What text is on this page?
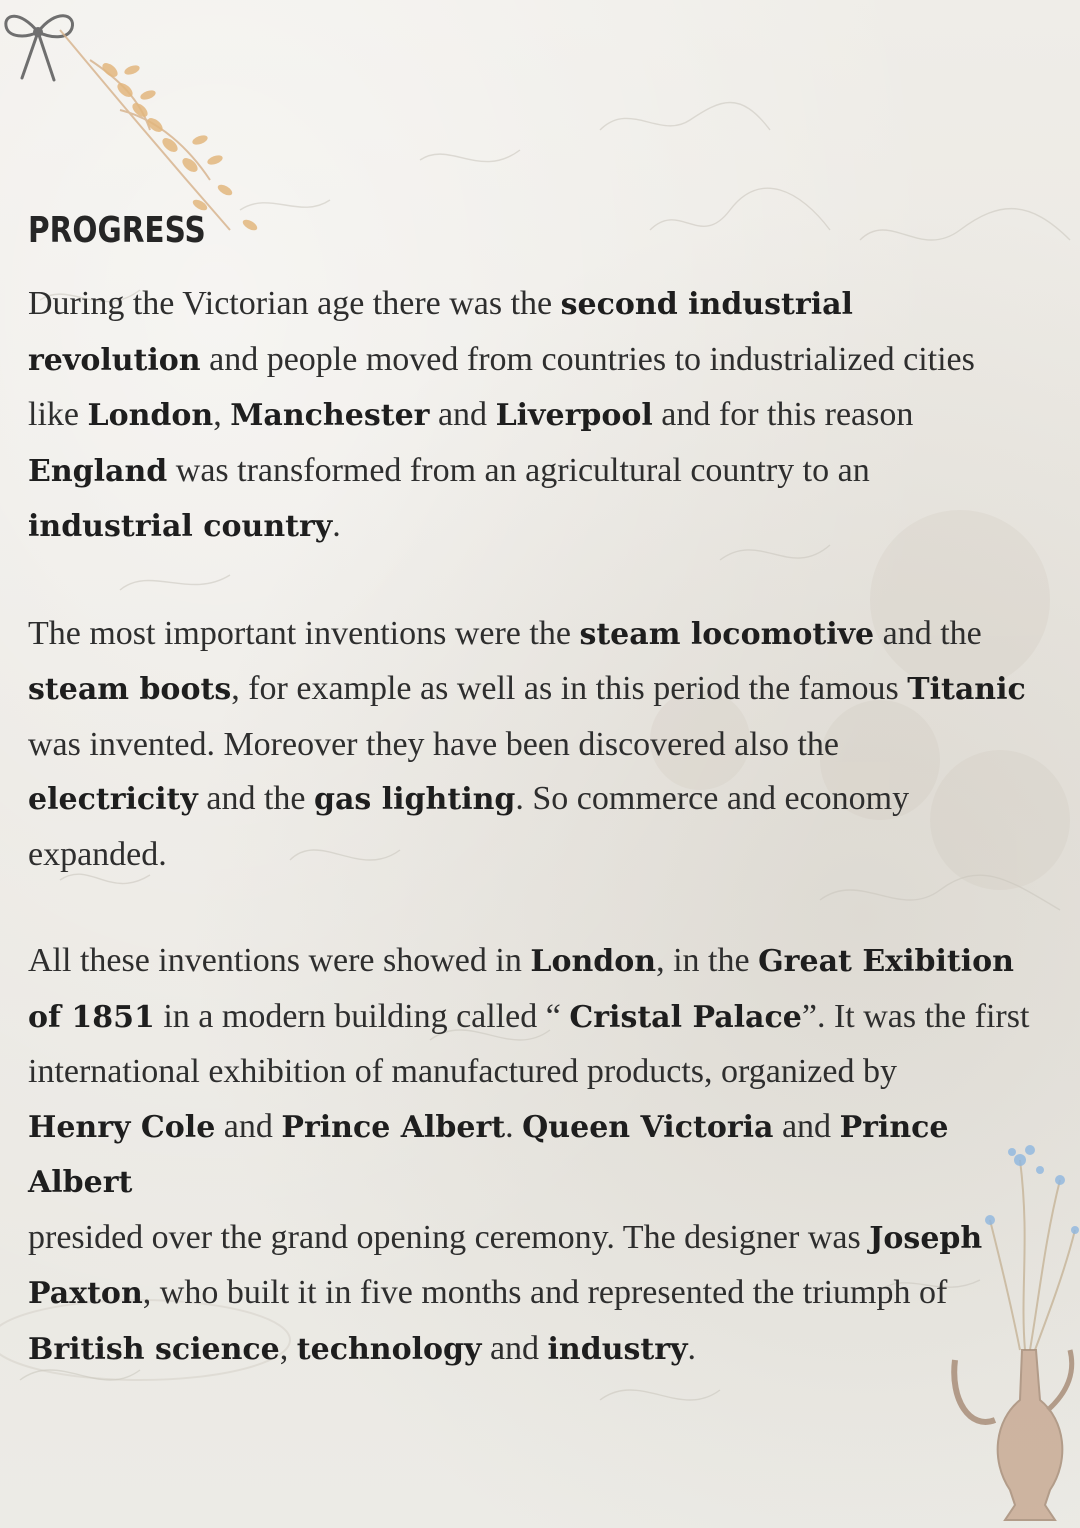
PROGRESS

During the Victorian age there was the second industrial
revolution and people moved from countries to industrialized cities
like London, Manchester and Liverpool and for this reason
England was transformed from an agricultural country to an
industrial country.

The most important inventions were the steam locomotive and the
steam boots, for example as well as in this period the famous Titanic
was invented. Moreover they have been discovered also the
electricity and the gas lighting. So commerce and economy
expanded.

All these inventions were showed in London, in the Great Exibition
of 1851 in a modern building called “ Cristal Palace”. It was the first
international exhibition of manufactured products, organized by
Henry Cole and Prince Albert. Queen Victoria and Prince Albert
presided over the grand opening ceremony. The designer was Joseph
Paxton, who built it in five months and represented the triumph of
British science, technology and industry.
